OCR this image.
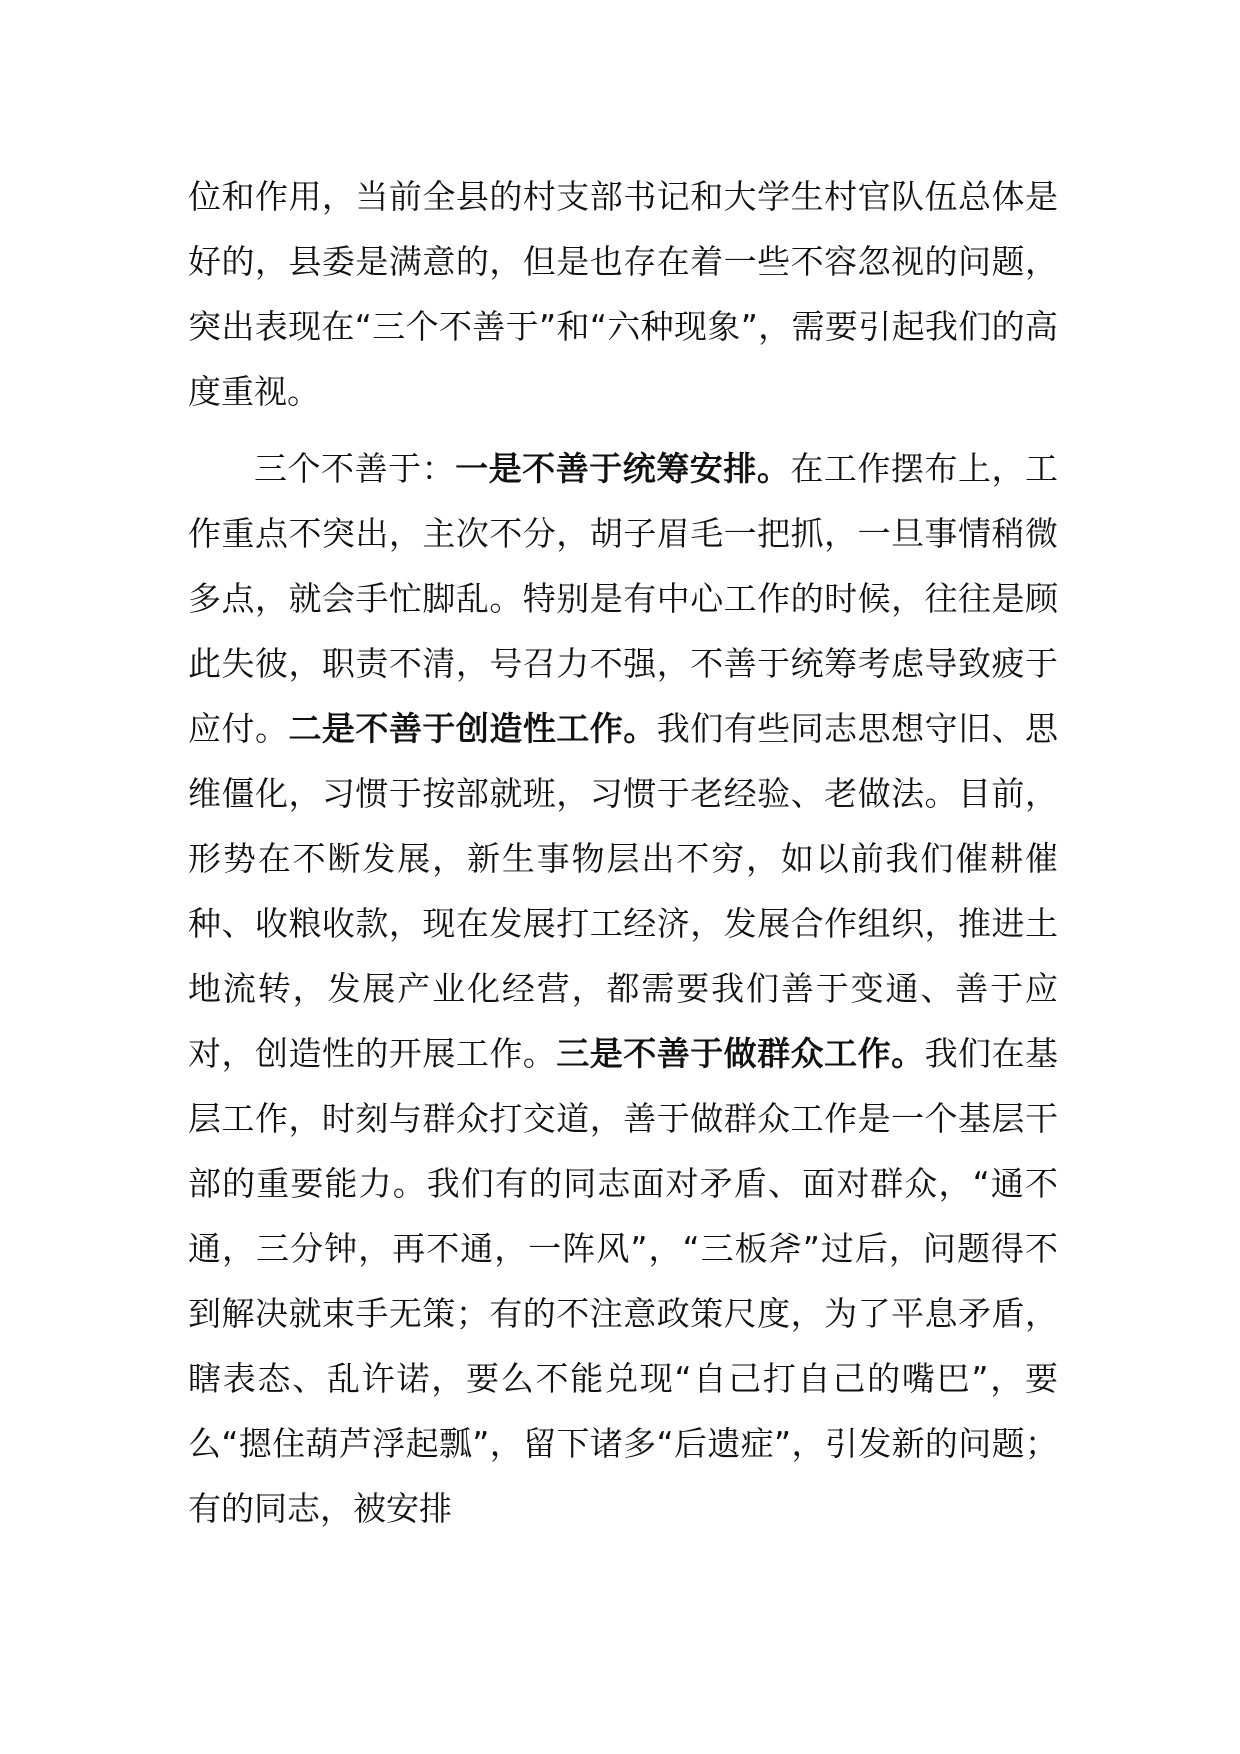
位和作用，当前全县的村支部书记和大学生村官队伍总体是好的，县委是满意的，但是也存在着一些不容忽视的问题，突出表现在“三个不善于”和“六种现象”，需要引起我们的高度重视。

三个不善于：一是不善于统筹安排。在工作摆布上，工作重点不突出，主次不分，胡子眉毛一把抓，一旦事情稍微多点，就会手忙脚乱。特别是有中心工作的时候，往往是顾此失彼，职责不清，号召力不强，不善于统筹考虑导致疲于应付。二是不善于创造性工作。我们有些同志思想守旧、思维僵化，习惯于按部就班，习惯于老经验、老做法。目前，形势在不断发展，新生事物层出不穷，如以前我们催耕催种、收粮收款，现在发展打工经济，发展合作组织，推进土地流转，发展产业化经营，都需要我们善于变通、善于应对，创造性的开展工作。三是不善于做群众工作。我们在基层工作，时刻与群众打交道，善于做群众工作是一个基层干部的重要能力。我们有的同志面对矛盾、面对群众，“通不通，三分钟，再不通，一阵风”，“三板斧”过后，问题得不到解决就束手无策；有的不注意政策尺度，为了平息矛盾，瞎表态、乱许诺，要么不能兑现“自己打自己的嘴巴”，要么“摁住葫芦浮起瓢”，留下诸多“后遗症”，引发新的问题；有的同志，被安排
